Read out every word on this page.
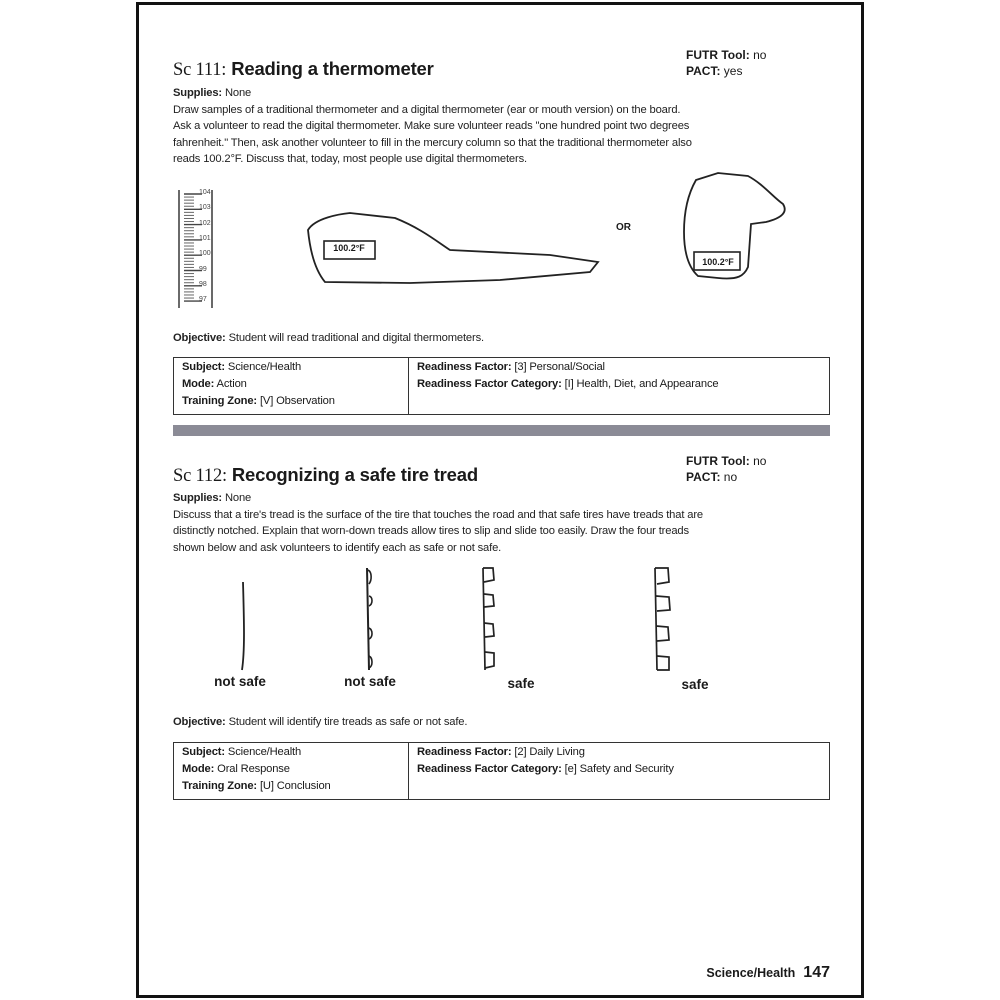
Sc 111: Reading a thermometer
FUTR Tool: no
PACT: yes
Supplies: None
Draw samples of a traditional thermometer and a digital thermometer (ear or mouth version) on the board.
Ask a volunteer to read the digital thermometer. Make sure volunteer reads "one hundred point two degrees
fahrenheit." Then, ask another volunteer to fill in the mercury column so that the traditional thermometer also
reads 100.2°F. Discuss that, today, most people use digital thermometers.
104
103
102
101
100
99
98
97
100.2°F
OR
100.2°F
Objective: Student will read traditional and digital thermometers.
Subject: Science/Health
Mode: Action
Training Zone: [V] Observation
Readiness Factor: [3] Personal/Social
Readiness Factor Category: [I] Health, Diet, and Appearance
Sc 112: Recognizing a safe tire tread
FUTR Tool: no
PACT: no
Supplies: None
Discuss that a tire's tread is the surface of the tire that touches the road and that safe tires have treads that are
distinctly notched. Explain that worn-down treads allow tires to slip and slide too easily. Draw the four treads
shown below and ask volunteers to identify each as safe or not safe.
not safe	not safe	safe	safe
Objective: Student will identify tire treads as safe or not safe.
Subject: Science/Health
Mode: Oral Response
Training Zone: [U] Conclusion
Readiness Factor: [2] Daily Living
Readiness Factor Category: [e] Safety and Security
Science/Health 147
